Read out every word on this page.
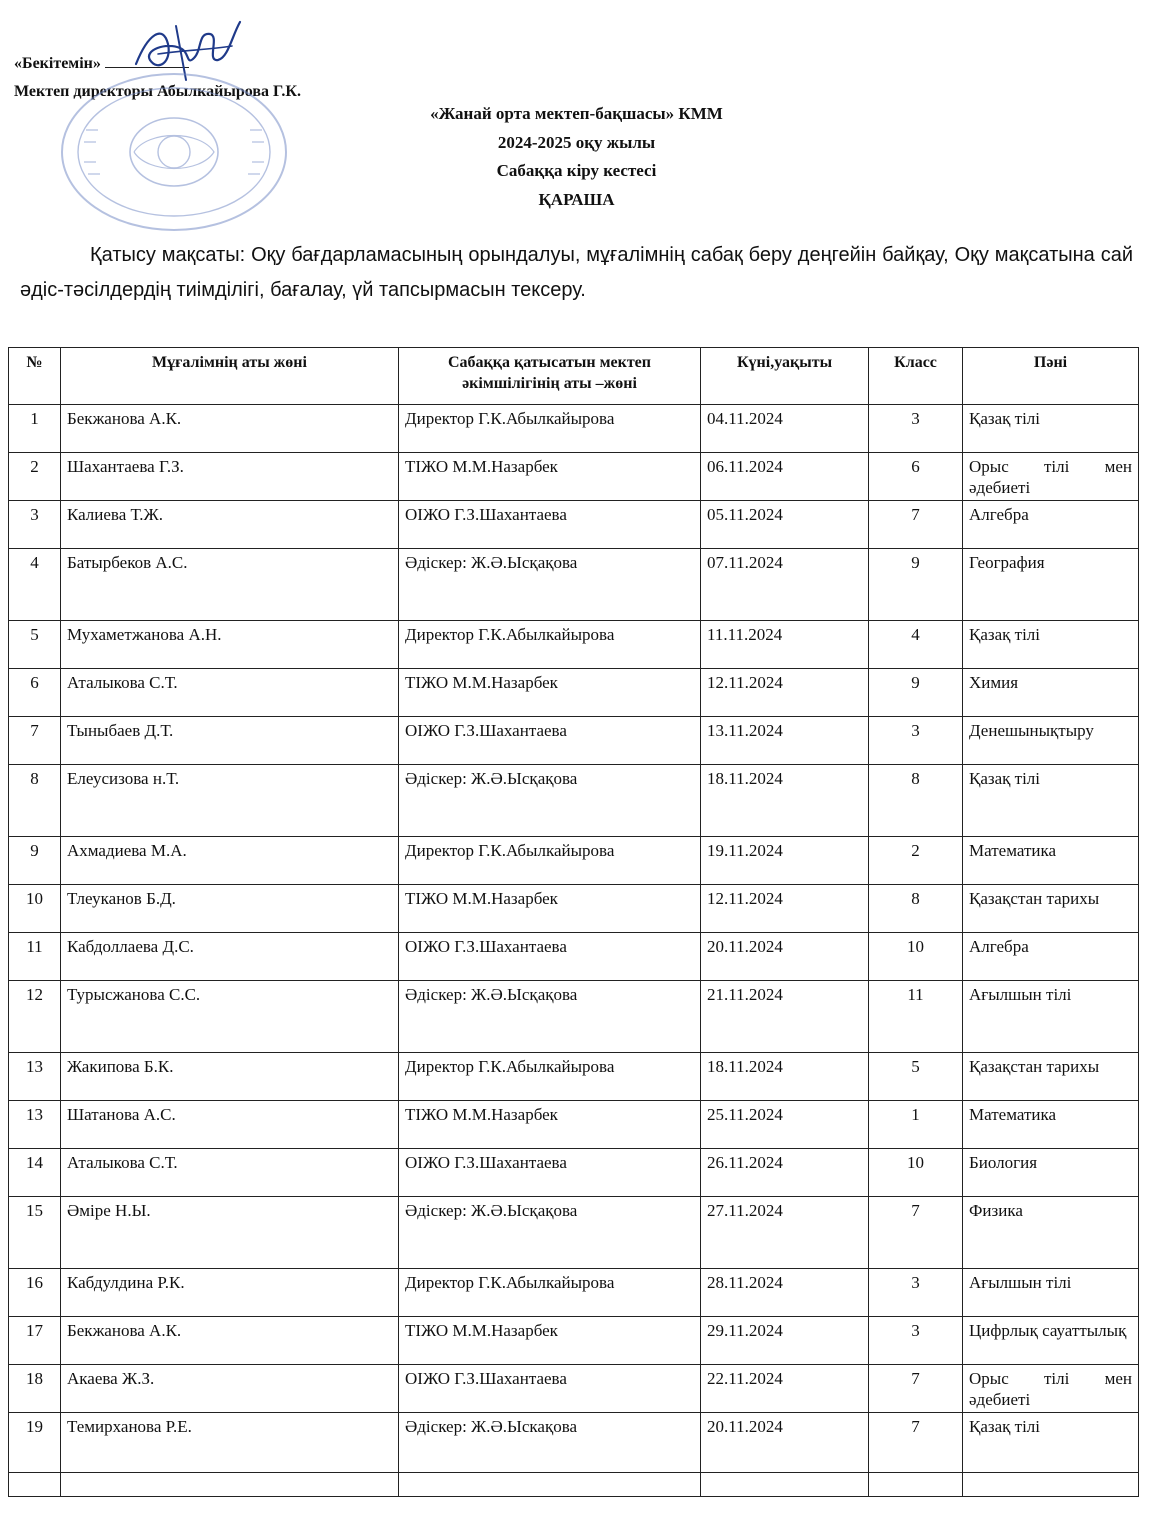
«Бекітемін»
Мектеп директоры Абылкайырова Г.К.
«Жанай орта мектеп-бақшасы» КММ
2024-2025 оқу жылы
Сабаққа кіру кестесі
ҚАРАША
Қатысу мақсаты: Оқу бағдарламасының орындалуы, мұғалімнің сабақ беру деңгейін байқау, Оқу мақсатына сай әдіс-тәсілдердің тиімділігі, бағалау, үй тапсырмасын тексеру.
№	Мұғалімнің аты жөні	Сабаққа қатысатын мектеп әкімшілігінің аты –жөні	Күні,уақыты	Класс	Пәні
1	Бекжанова А.К.	Директор Г.К.Абылкайырова	04.11.2024	3	Қазақ тілі
2	Шахантаева Г.З.	ТІЖО М.М.Назарбек	06.11.2024	6	Орыс тілі мен әдебиеті
3	Калиева Т.Ж.	ОІЖО Г.З.Шахантаева	05.11.2024	7	Алгебра
4	Батырбеков А.С.	Әдіскер: Ж.Ә.Ысқақова	07.11.2024	9	География
5	Мухаметжанова А.Н.	Директор Г.К.Абылкайырова	11.11.2024	4	Қазақ тілі
6	Аталыкова С.Т.	ТІЖО М.М.Назарбек	12.11.2024	9	Химия
7	Тыныбаев Д.Т.	ОІЖО Г.З.Шахантаева	13.11.2024	3	Денешынықтыру
8	Елеусизова н.Т.	Әдіскер: Ж.Ә.Ысқақова	18.11.2024	8	Қазақ тілі
9	Ахмадиева М.А.	Директор Г.К.Абылкайырова	19.11.2024	2	Математика
10	Тлеуканов Б.Д.	ТІЖО М.М.Назарбек	12.11.2024	8	Қазақстан тарихы
11	Кабдоллаева Д.С.	ОІЖО Г.З.Шахантаева	20.11.2024	10	Алгебра
12	Турысжанова С.С.	Әдіскер: Ж.Ә.Ысқақова	21.11.2024	11	Ағылшын тілі
13	Жакипова Б.К.	Директор Г.К.Абылкайырова	18.11.2024	5	Қазақстан тарихы
13	Шатанова А.С.	ТІЖО М.М.Назарбек	25.11.2024	1	Математика
14	Аталыкова С.Т.	ОІЖО Г.З.Шахантаева	26.11.2024	10	Биология
15	Әміре Н.Ы.	Әдіскер: Ж.Ә.Ысқақова	27.11.2024	7	Физика
16	Кабдулдина Р.К.	Директор Г.К.Абылкайырова	28.11.2024	3	Ағылшын тілі
17	Бекжанова А.К.	ТІЖО М.М.Назарбек	29.11.2024	3	Цифрлық сауаттылық
18	Акаева Ж.З.	ОІЖО Г.З.Шахантаева	22.11.2024	7	Орыс тілі мен әдебиеті
19	Темирханова Р.Е.	Әдіскер: Ж.Ә.Ыскақова	20.11.2024	7	Қазақ тілі
